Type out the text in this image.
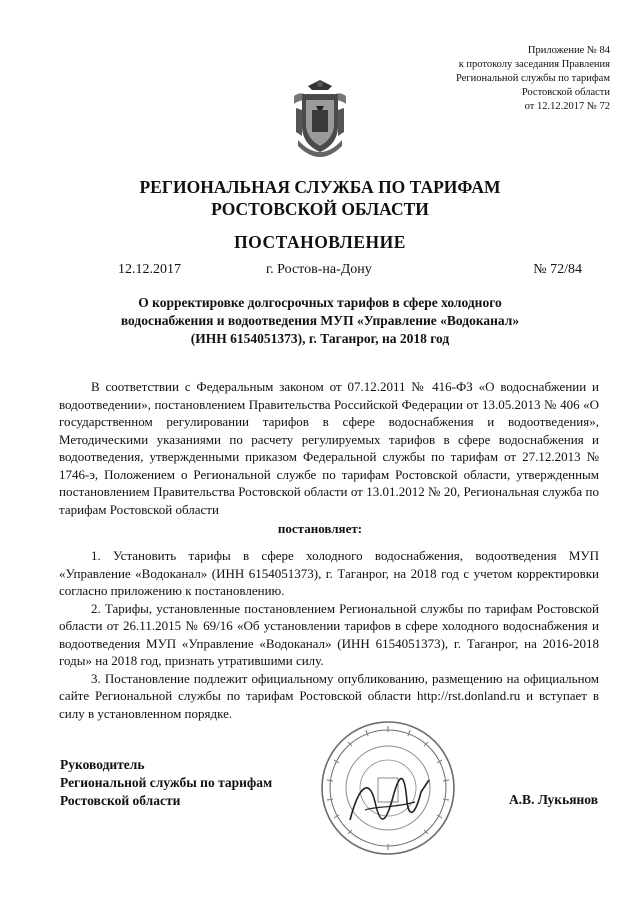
Приложение № 84
к протоколу заседания Правления
Региональной службы по тарифам
Ростовской области
от 12.12.2017 № 72
РЕГИОНАЛЬНАЯ СЛУЖБА ПО ТАРИФАМ
РОСТОВСКОЙ ОБЛАСТИ
ПОСТАНОВЛЕНИЕ
12.12.2017	г. Ростов-на-Дону	№ 72/84
О корректировке долгосрочных тарифов в сфере холодного
водоснабжения и водоотведения МУП «Управление «Водоканал»
(ИНН 6154051373), г. Таганрог, на 2018 год
В соответствии с Федеральным законом от 07.12.2011 № 416-ФЗ «О водоснабжении и водоотведении», постановлением Правительства Российской Федерации от 13.05.2013 № 406 «О государственном регулировании тарифов в сфере водоснабжения и водоотведения», Методическими указаниями по расчету регулируемых тарифов в сфере водоснабжения и водоотведения, утвержденными приказом Федеральной службы по тарифам от 27.12.2013 № 1746-э, Положением о Региональной службе по тарифам Ростовской области, утвержденным постановлением Правительства Ростовской области от 13.01.2012 № 20, Региональная служба по тарифам Ростовской области
постановляет:

1. Установить тарифы в сфере холодного водоснабжения, водоотведения МУП «Управление «Водоканал» (ИНН 6154051373), г. Таганрог, на 2018 год с учетом корректировки согласно приложению к постановлению.

2. Тарифы, установленные постановлением Региональной службы по тарифам Ростовской области от 26.11.2015 № 69/16 «Об установлении тарифов в сфере холодного водоснабжения и водоотведения МУП «Управление «Водоканал» (ИНН 6154051373), г. Таганрог, на 2016-2018 годы» на 2018 год, признать утратившими силу.

3. Постановление подлежит официальному опубликованию, размещению на официальном сайте Региональной службы по тарифам Ростовской области http://rst.donland.ru и вступает в силу в установленном порядке.

Руководитель
Региональной службы по тарифам
Ростовской области	А.В. Лукьянов
